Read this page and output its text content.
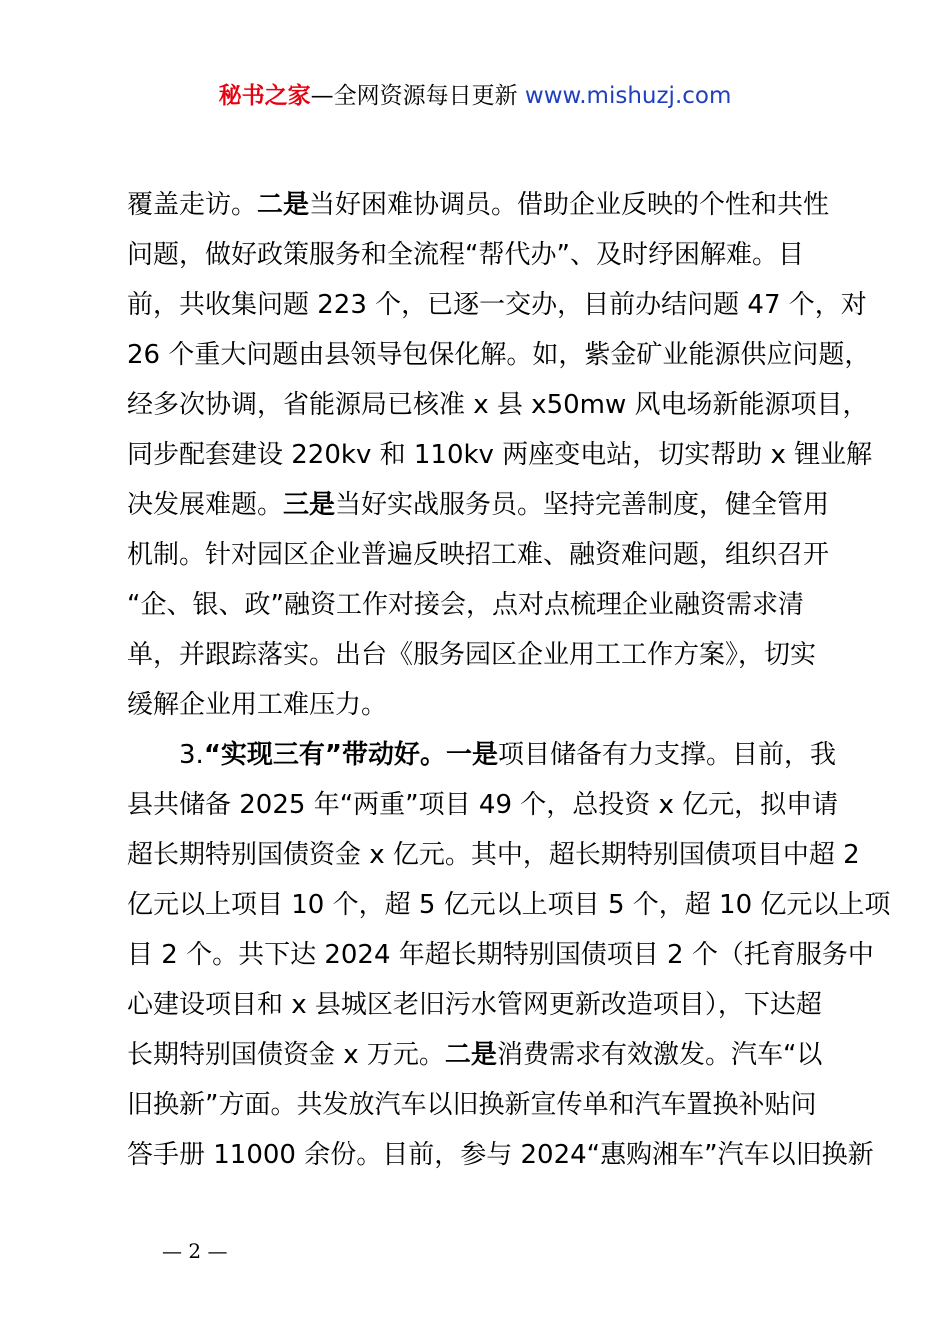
秘书之家—全网资源每日更新 www.mishuzj.com
覆盖走访。二是当好困难协调员。借助企业反映的个性和共性
问题，做好政策服务和全流程“帮代办”、及时纾困解难。目
前，共收集问题 223 个，已逐一交办，目前办结问题 47 个，对
26 个重大问题由县领导包保化解。如，紫金矿业能源供应问题，
经多次协调，省能源局已核准 x 县 x50mw 风电场新能源项目，
同步配套建设 220kv 和 110kv 两座变电站，切实帮助 x 锂业解
决发展难题。三是当好实战服务员。坚持完善制度，健全管用
机制。针对园区企业普遍反映招工难、融资难问题，组织召开
“企、银、政”融资工作对接会，点对点梳理企业融资需求清
单，并跟踪落实。出台《服务园区企业用工工作方案》，切实
缓解企业用工难压力。
3.“实现三有”带动好。一是项目储备有力支撑。目前，我
县共储备 2025 年“两重”项目 49 个，总投资 x 亿元，拟申请
超长期特别国债资金 x 亿元。其中，超长期特别国债项目中超 2
亿元以上项目 10 个，超 5 亿元以上项目 5 个，超 10 亿元以上项
目 2 个。共下达 2024 年超长期特别国债项目 2 个（托育服务中
心建设项目和 x 县城区老旧污水管网更新改造项目），下达超
长期特别国债资金 x 万元。二是消费需求有效激发。汽车“以
旧换新”方面。共发放汽车以旧换新宣传单和汽车置换补贴问
答手册 11000 余份。目前，参与 2024“惠购湘车”汽车以旧换新
— 2 —
